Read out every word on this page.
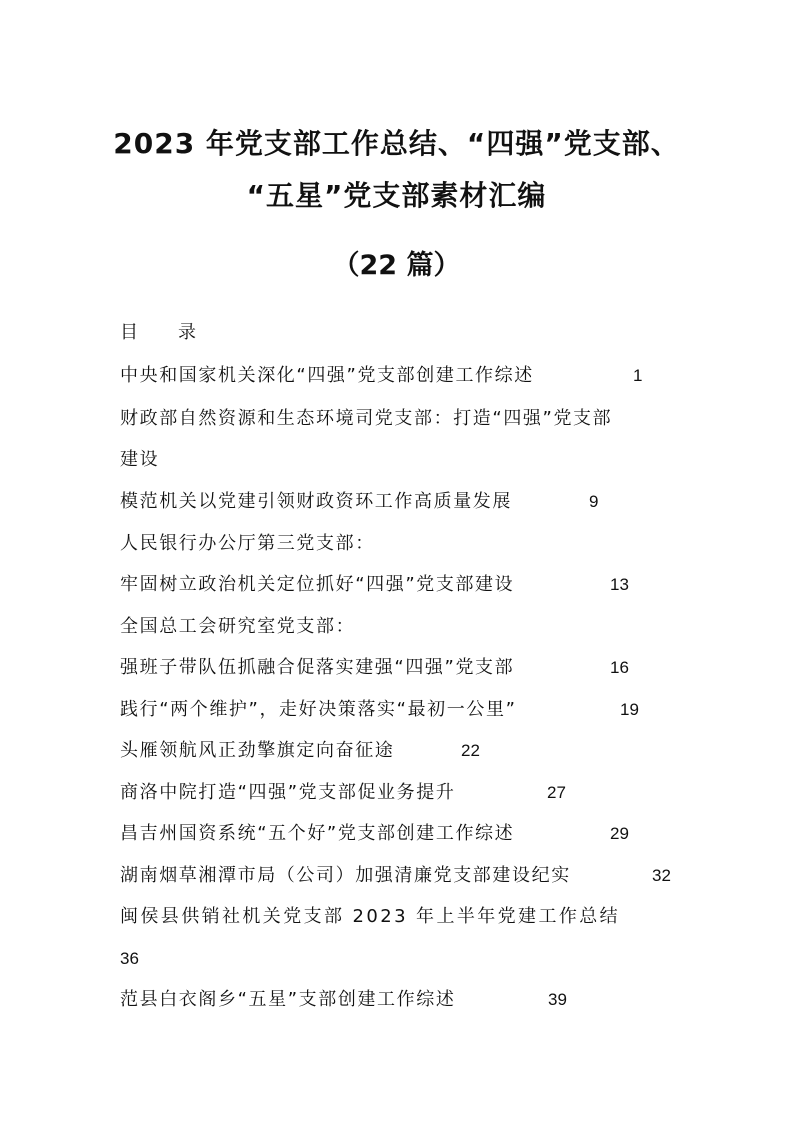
2023 年党支部工作总结、“四强”党支部、
“五星”党支部素材汇编
（22 篇）
目 录
中央和国家机关深化“四强”党支部创建工作综述	1
财政部自然资源和生态环境司党支部：打造“四强”党支部
建设
模范机关以党建引领财政资环工作高质量发展	9
人民银行办公厅第三党支部：
牢固树立政治机关定位抓好“四强”党支部建设	13
全国总工会研究室党支部：
强班子带队伍抓融合促落实建强“四强”党支部	16
践行“两个维护”，走好决策落实“最初一公里”	19
头雁领航风正劲擎旗定向奋征途	22
商洛中院打造“四强”党支部促业务提升	27
昌吉州国资系统“五个好”党支部创建工作综述	29
湖南烟草湘潭市局（公司）加强清廉党支部建设纪实	32
闽侯县供销社机关党支部 2023 年上半年党建工作总结
36
范县白衣阁乡“五星”支部创建工作综述	39
